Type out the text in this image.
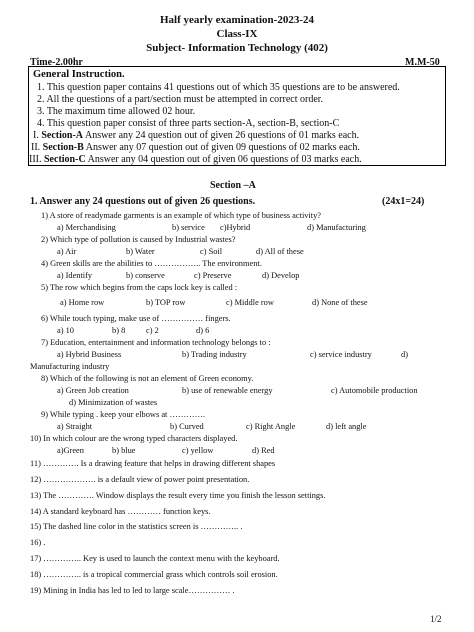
Half yearly examination-2023-24
Class-IX
Subject- Information Technology (402)
Time-2.00hr	M.M-50
General Instruction.
1. This question paper contains 41 questions out of which 35 questions are to be answered.
2. All the questions of a part/section must be attempted in correct order.
3. The maximum time allowed 02 hour.
4. This question paper consist of three parts section-A, section-B, section-C
I. Section-A Answer any 24 question out of given 26 questions of 01 marks each.
II. Section-B Answer any 07 question out of given 09 questions of 02 marks each.
III. Section-C Answer any 04 question out of given 06 questions of 03 marks each.
Section –A
1. Answer any 24 questions out of given 26 questions.	(24x1=24)
1) A store of readymade garments is an example of which type of business activity?
a) Merchandising	b) service c)Hybrid	d) Manufacturing
2) Which type of pollution is caused by Industrial wastes?
a) Air	b) Water	c) Soil	d) All of these
4) Green skills are the abilities to …………….. The environment.
a) Identify	b) conserve	c) Preserve	d) Develop
5) The row which begins from the caps lock key is called :
a) Home row	b) TOP row	c) Middle row	d) None of these
6) While touch typing, make use of …………… fingers.
a) 10	b) 8 c) 2	d) 6
7) Education, entertainment and information technology belongs to :
a) Hybrid Business	b) Trading industry	c) service industry	d)
Manufacturing industry
8) Which of the following is not an element of Green economy.
a) Green Job creation	b) use of renewable energy	c) Automobile production
d) Minimization of wastes
9) While typing . keep your elbows at ………….
a) Straight	b) Curved	c) Right Angle	d) left angle
10) In which colour are the wrong typed characters displayed.
a)Green	b) blue	c) yellow	d) Red
11) …………. Is a drawing feature that helps in drawing different shapes
12) ………………. is a default view of power point presentation.
13) The …………. Window displays the result every time you finish the lesson settings.
14) A standard keyboard has ………… function keys.
15) The dashed line color in the statistics screen is ………….. .
16) .
17) ………….. Key is used to launch the context menu with the keyboard.
18) ………….. is a tropical commercial grass which controls soil erosion.
19) Mining in India has led to led to large scale…………… .
1/2
